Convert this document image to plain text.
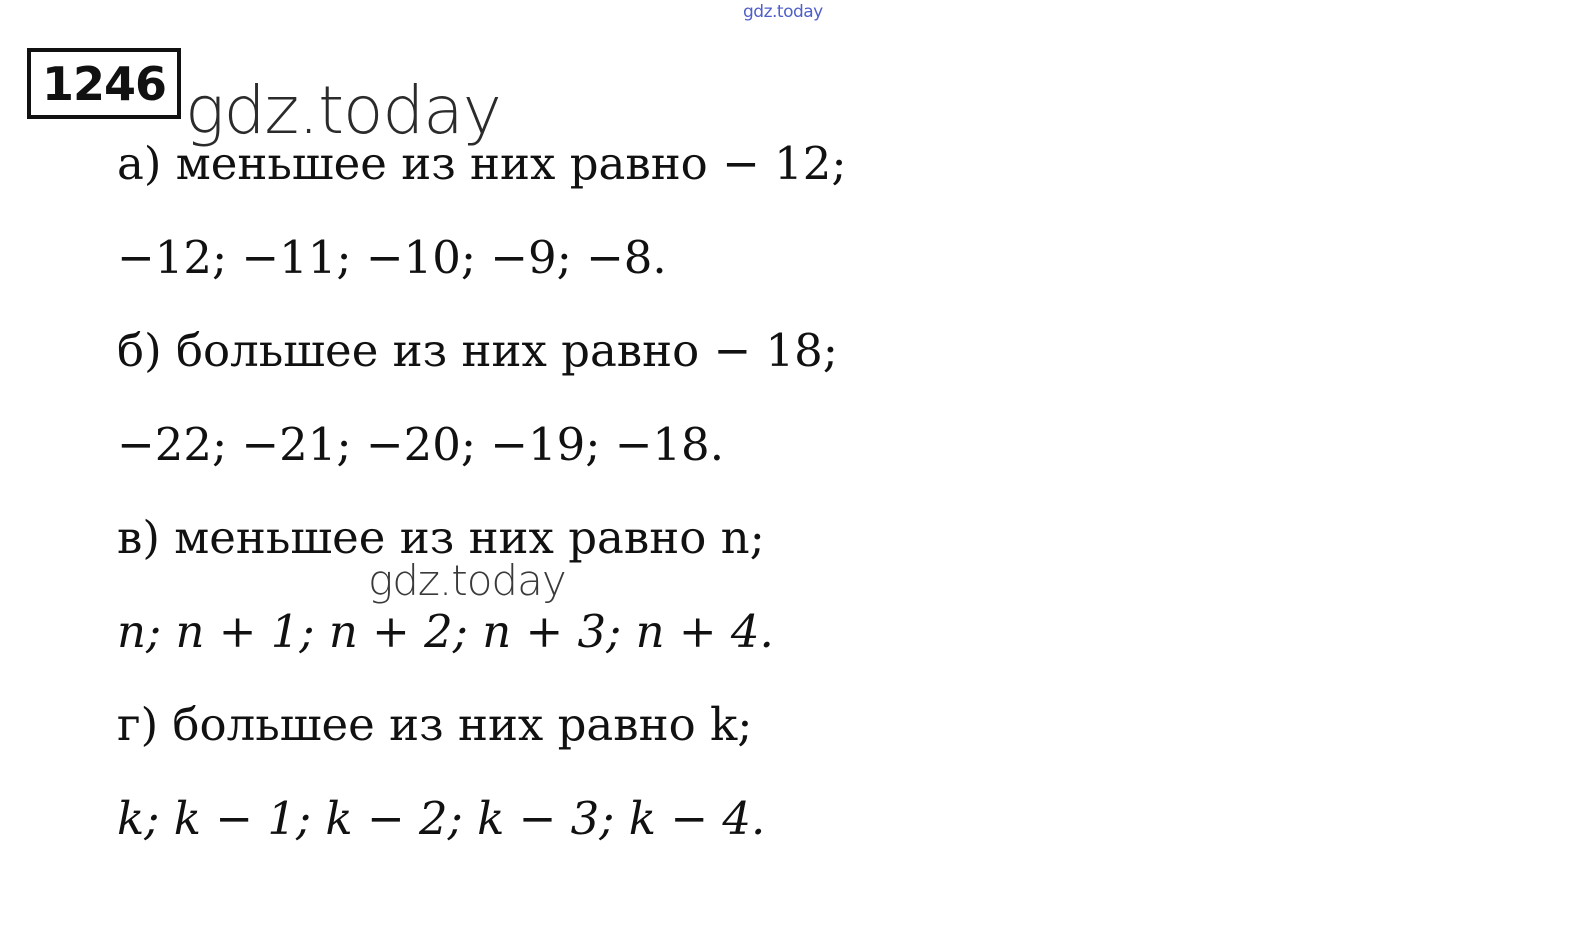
gdz.today
1246 gdz.today
а) меньшее из них равно − 12;
−12; −11; −10; −9; −8.
б) большее из них равно − 18;
−22; −21; −20; −19; −18.
в) меньшее из них равно n;
n; n + 1; n + 2; n + 3; n + 4.
г) большее из них равно k;
k; k − 1; k − 2; k − 3; k − 4.
gdz.today
